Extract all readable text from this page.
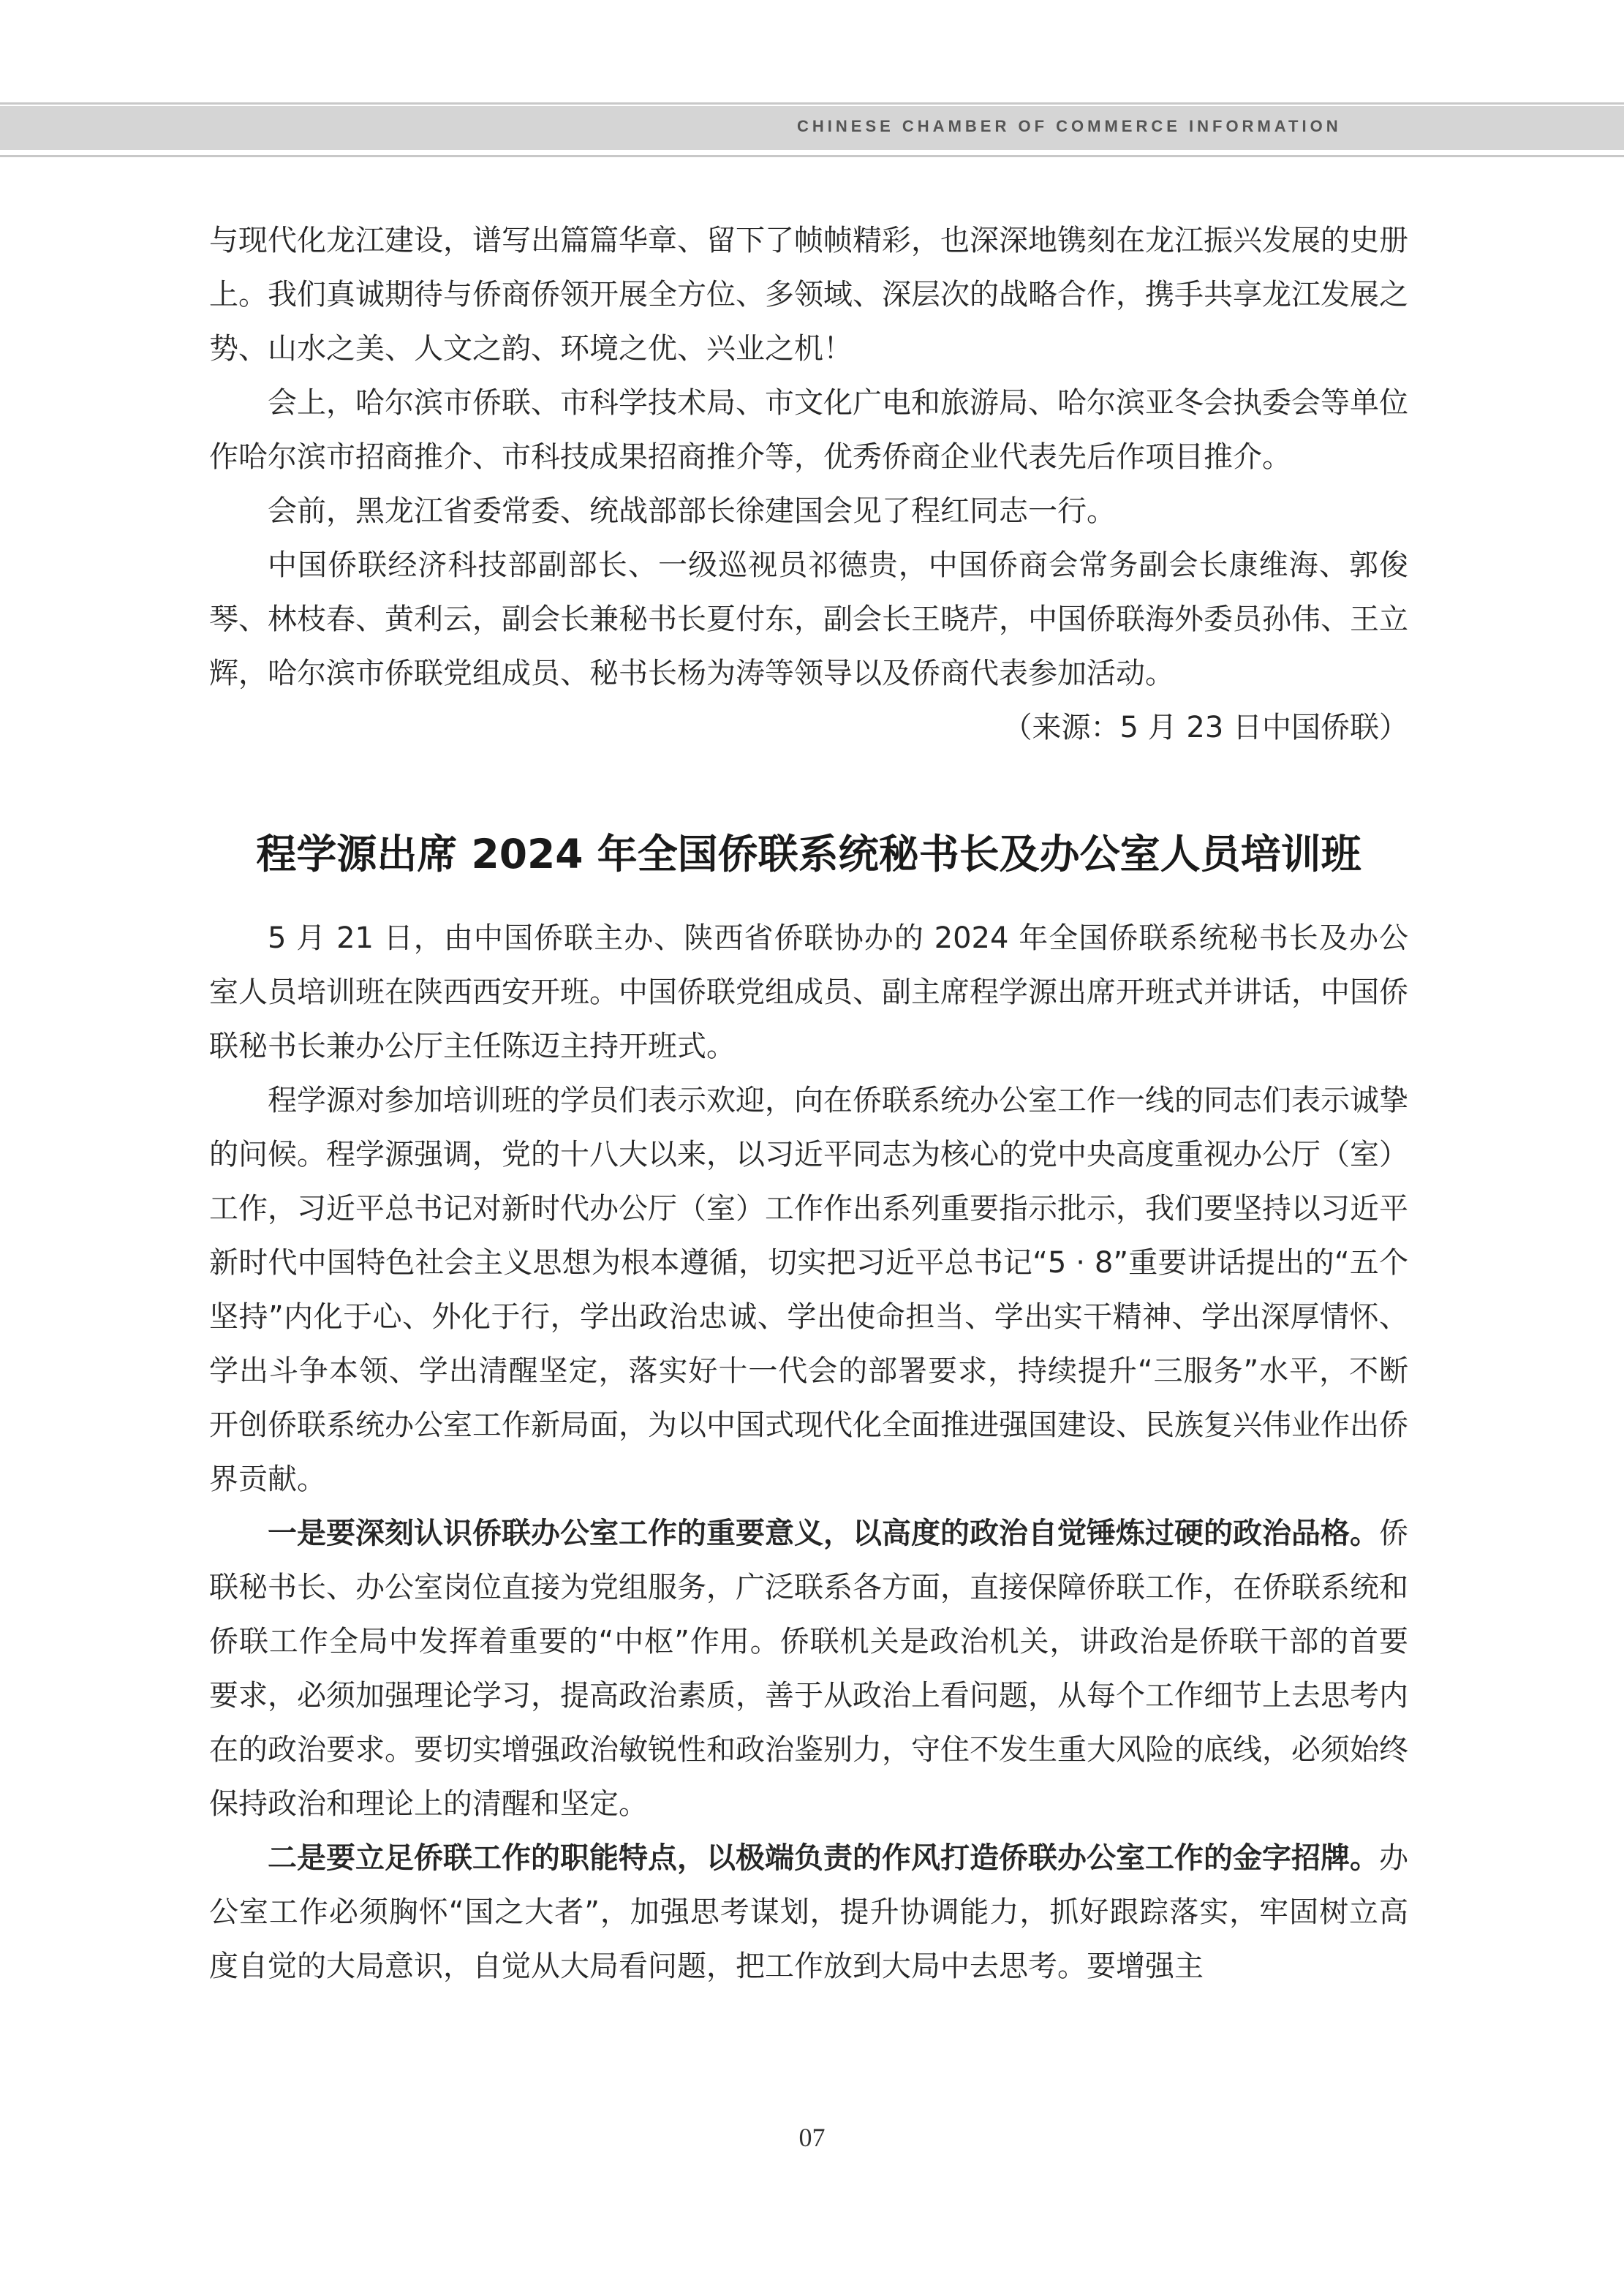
CHINESE CHAMBER OF COMMERCE INFORMATION

与现代化龙江建设，谱写出篇篇华章、留下了帧帧精彩，也深深地镌刻在龙江振兴发展的史册上。我们真诚期待与侨商侨领开展全方位、多领域、深层次的战略合作，携手共享龙江发展之势、山水之美、人文之韵、环境之优、兴业之机！

会上，哈尔滨市侨联、市科学技术局、市文化广电和旅游局、哈尔滨亚冬会执委会等单位作哈尔滨市招商推介、市科技成果招商推介等，优秀侨商企业代表先后作项目推介。

会前，黑龙江省委常委、统战部部长徐建国会见了程红同志一行。

中国侨联经济科技部副部长、一级巡视员祁德贵，中国侨商会常务副会长康维海、郭俊琴、林枝春、黄利云，副会长兼秘书长夏付东，副会长王晓芹，中国侨联海外委员孙伟、王立辉，哈尔滨市侨联党组成员、秘书长杨为涛等领导以及侨商代表参加活动。

（来源：5 月 23 日中国侨联）

程学源出席 2024 年全国侨联系统秘书长及办公室人员培训班

5 月 21 日，由中国侨联主办、陕西省侨联协办的 2024 年全国侨联系统秘书长及办公室人员培训班在陕西西安开班。中国侨联党组成员、副主席程学源出席开班式并讲话，中国侨联秘书长兼办公厅主任陈迈主持开班式。

程学源对参加培训班的学员们表示欢迎，向在侨联系统办公室工作一线的同志们表示诚挚的问候。程学源强调，党的十八大以来，以习近平同志为核心的党中央高度重视办公厅（室）工作，习近平总书记对新时代办公厅（室）工作作出系列重要指示批示，我们要坚持以习近平新时代中国特色社会主义思想为根本遵循，切实把习近平总书记“5 · 8”重要讲话提出的“五个坚持”内化于心、外化于行，学出政治忠诚、学出使命担当、学出实干精神、学出深厚情怀、学出斗争本领、学出清醒坚定，落实好十一代会的部署要求，持续提升“三服务”水平，不断开创侨联系统办公室工作新局面，为以中国式现代化全面推进强国建设、民族复兴伟业作出侨界贡献。

一是要深刻认识侨联办公室工作的重要意义，以高度的政治自觉锤炼过硬的政治品格。侨联秘书长、办公室岗位直接为党组服务，广泛联系各方面，直接保障侨联工作，在侨联系统和侨联工作全局中发挥着重要的“中枢”作用。侨联机关是政治机关，讲政治是侨联干部的首要要求，必须加强理论学习，提高政治素质，善于从政治上看问题，从每个工作细节上去思考内在的政治要求。要切实增强政治敏锐性和政治鉴别力，守住不发生重大风险的底线，必须始终保持政治和理论上的清醒和坚定。

二是要立足侨联工作的职能特点，以极端负责的作风打造侨联办公室工作的金字招牌。办公室工作必须胸怀“国之大者”，加强思考谋划，提升协调能力，抓好跟踪落实，牢固树立高度自觉的大局意识，自觉从大局看问题，把工作放到大局中去思考。要增强主

07
